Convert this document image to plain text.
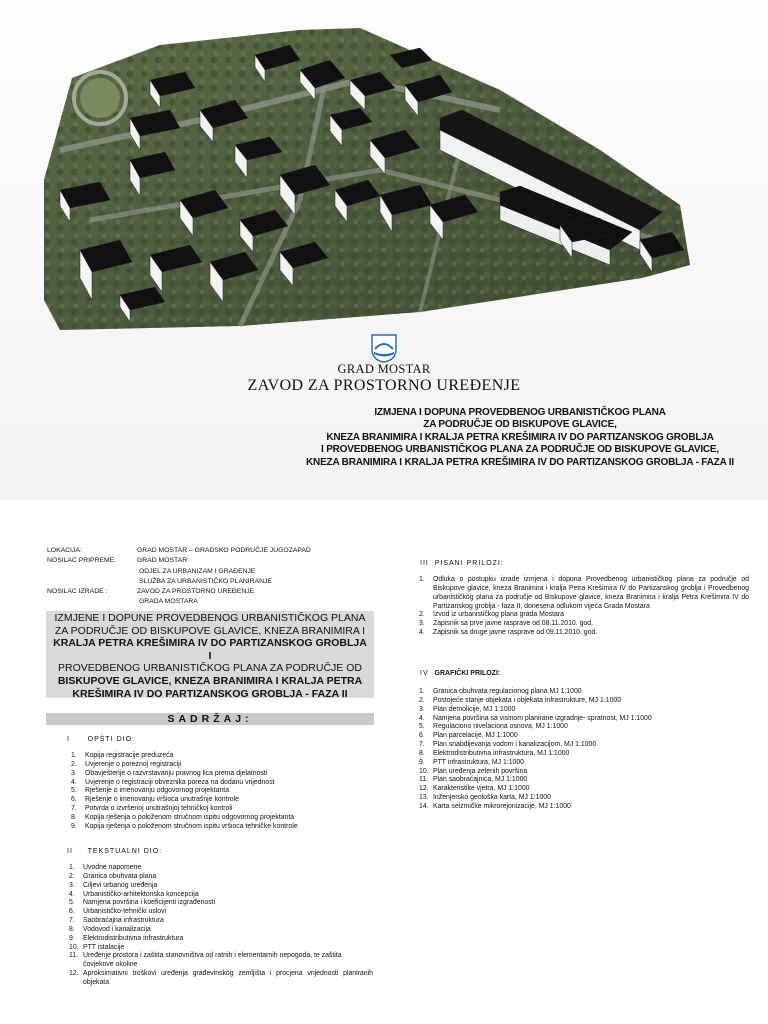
GRAD MOSTAR
ZAVOD ZA PROSTORNO UREĐENJE
IZMJENA I DOPUNA PROVEDBENOG URBANISTIČKOG PLANA
ZA PODRUČJE OD BISKUPOVE GLAVICE,
KNEZA BRANIMIRA I KRALJA PETRA KREŠIMIRA IV DO PARTIZANSKOG GROBLJA
I PROVEDBENOG URBANISTIČKOG PLANA ZA PODRUČJE OD BISKUPOVE GLAVICE,
KNEZA BRANIMIRA I KRALJA PETRA KREŠIMIRA IV DO PARTIZANSKOG GROBLJA - FAZA II
LOKACIJA:	GRAD MOSTAR – GRADSKO PODRUČJE JUGOZAPAD
NOSILAC PRIPREME:	GRAD MOSTAR
ODJEL ZA URBANIZAM I GRAĐENJE
SLUŽBA ZA URBANISTIČKO PLANIRANJE
NOSILAC IZRADE :	ZAVOD ZA PROSTORNO UREĐENJE
GRADA MOSTARA
IZMJENE I DOPUNE PROVEDBENOG URBANISTIČKOG PLANA
ZA PODRUČJE OD BISKUPOVE GLAVICE, KNEZA BRANIMIRA I
KRALJA PETRA KREŠIMIRA IV DO PARTIZANSKOG GROBLJA
I
PROVEDBENOG URBANISTIČKOG PLANA ZA PODRUČJE OD
BISKUPOVE GLAVICE, KNEZA BRANIMIRA I KRALJA PETRA
KREŠIMIRA IV DO PARTIZANSKOG GROBLJA - FAZA II
SADRŽAJ:
I	OPŠTI DIO:
1.	Kopija registracije preduzeća
2.	Uvjerenje o poreznoj registraciji
3.	Obavještenje o razvrstavanju pravnog lica prema djelatnosti
4.	Uvjerenje o registraciji obveznika poreza na dodanu vrijednost
5.	Rješenje o imenovanju odgovornog projektanta
6.	Rješenje o imenovanju vršioca unutrašnje kontrole
7.	Potvrda o izvršenoj unutrašnjoj tehničkoj kontroli
8.	Kopija rješenja o položenom stručnom ispitu odgovornog projektanta
9.	Kopija rješenja o položenom stručnom ispitu vršioca tehničke kontrole
II TEKSTUALNI DIO:
1.	Uvodne napomene
2.	Granica obuhvata plana
3.	Ciljevi urbanog uređenja
4.	Urbanističko-arhitektonska koncepcija
5.	Namjena površina i koeficijenti izgrađenosti
6.	Urbanističko-tehnički uslovi
7.	Saobraćajna infrastruktura
8.	Vodovod i kanalizacija
9.	Elektrodistributivna infrastruktura
10. PTT istalacije
11. Uređenje prostora i zaštita stanovništva od ratnih i elementarnih nepogoda, te zaštita čovjekove okoline
12. Aproksimativni troškovi uređenja građevinskog zemljišta i procjena vrijednosti planiranih objekata
III PISANI PRILOZI:
1.	Odluka o postupku izrade izmjena i dopuna Provedbenog urbanističkog plana za područje od Biskupove glavice, kneza Branimira i kralja Petra Krešimira IV do Partizanskog groblja i Provedbenog urbanističkog plana za područje od Biskupove glavice, kneza Branimira i kralja Petra Krešimira IV do Partizanskog groblja - faza II, donesena odlukom vijeća Grada Mostara
2.	Izvod iz urbanističkog plana grada Mostara
3.	Zapisnik sa prve javne rasprave od 08.11.2010. god.
4.	Zapisnik sa druge javne rasprave od 09.11.2010. god.
IV GRAFIČKI PRILOZI:
1.	Granica obuhvata regulacionog plana MJ 1:1000
2.	Postojeće stanje objekata i objekata infrastrukture, MJ 1:1000
3.	Plan demolicije, MJ 1:1000
4.	Namjena površina sa visinom planirane izgradnje- spratnost, MJ 1:1000
5.	Regulaciono nivelaciona osnova, MJ 1:1000
6.	Plan parcelacije, MJ 1:1000
7.	Plan snabdijevanja vodom i kanalizacijom, MJ 1:1000
8.	Elektrodistributivna infrastruktura, MJ 1:1000
9.	PTT infrastruktura, MJ 1:1000
10. Plan uređenja zelenih površina
11. Plan saobraćajnica, MJ 1:1000
12. Karakteristike vjetra, MJ 1:1000
13. Inženjersko geološka karta, MJ 1:1000
14. Karta seizmičke mikrorejonizacije, MJ 1:1000
